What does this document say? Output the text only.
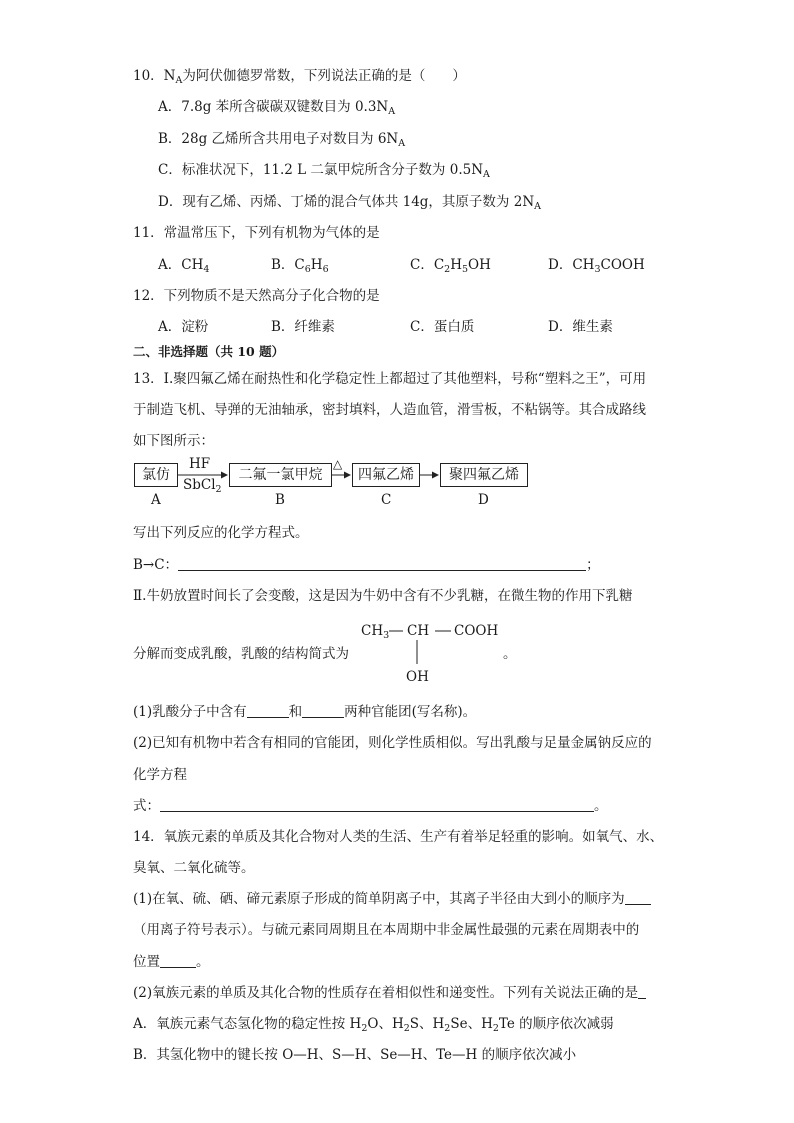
10．$N_A$为阿伏伽德罗常数，下列说法正确的是（　　）
A．7.8g 苯所含碳碳双键数目为 $0.3N_A$
B．28g 乙烯所含共用电子对数目为 $6N_A$
C．标准状况下，11.2 L 二氯甲烷所含分子数为 $0.5N_A$
D．现有乙烯、丙烯、丁烯的混合气体共 14g，其原子数为 $2N_A$
11．常温常压下，下列有机物为气体的是
A．$CH_4$	B．$C_6H_6$	C．$C_2H_5OH$	D．$CH_3COOH$
12．下列物质不是天然高分子化合物的是
A．淀粉	B．纤维素	C．蛋白质	D．维生素
二、非选择题（共 10 题）
13．Ⅰ.聚四氟乙烯在耐热性和化学稳定性上都超过了其他塑料，号称“塑料之王”，可用
于制造飞机、导弹的无油轴承，密封填料，人造血管，滑雪板，不粘锅等。其合成路线
如下图所示：
氯仿	二氟一氯甲烷	四氟乙烯	聚四氟乙烯
HF
SbCl$_2$
△
A	B	C	D
写出下列反应的化学方程式。
B→C：	；
Ⅱ.牛奶放置时间长了会变酸，这是因为牛奶中含有不少乳糖，在微生物的作用下乳糖
分解而变成乳酸，乳酸的结构简式为	。
$CH_3$ CH COOH
OH
(1)乳酸分子中含有	和	两种官能团(写名称)。
(2)已知有机物中若含有相同的官能团，则化学性质相似。写出乳酸与足量金属钠反应的
化学方程
式：	。
14．氧族元素的单质及其化合物对人类的生活、生产有着举足轻重的影响。如氧气、水、
臭氧、二氧化硫等。
(1)在氧、硫、硒、碲元素原子形成的简单阴离子中，其离子半径由大到小的顺序为
（用离子符号表示）。与硫元素同周期且在本周期中非金属性最强的元素在周期表中的
位置	。
(2)氧族元素的单质及其化合物的性质存在着相似性和递变性。下列有关说法正确的是
A．氧族元素气态氢化物的稳定性按 $H_2O$、$H_2S$、$H_2Se$、$H_2Te$ 的顺序依次减弱
B．其氢化物中的键长按 O—H、S—H、Se—H、Te—H 的顺序依次减小
